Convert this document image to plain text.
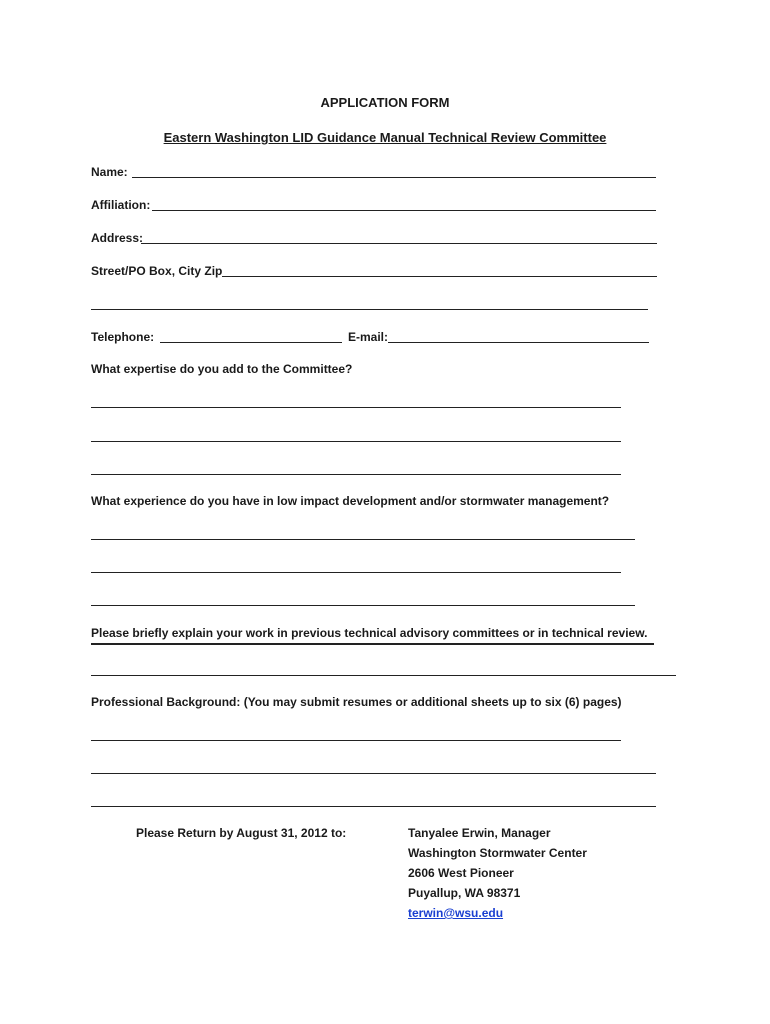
APPLICATION FORM
Eastern Washington LID Guidance Manual Technical Review Committee
Name:
Affiliation:
Address:
Street/PO Box, City Zip
Telephone:	E-mail:
What expertise do you add to the Committee?
What experience do you have in low impact development and/or stormwater management?
Please briefly explain your work in previous technical advisory committees or in technical review.
Professional Background: (You may submit resumes or additional sheets up to six (6) pages)
Please Return by August 31, 2012 to:	Tanyalee Erwin, Manager
Washington Stormwater Center
2606 West Pioneer
Puyallup, WA 98371
terwin@wsu.edu
